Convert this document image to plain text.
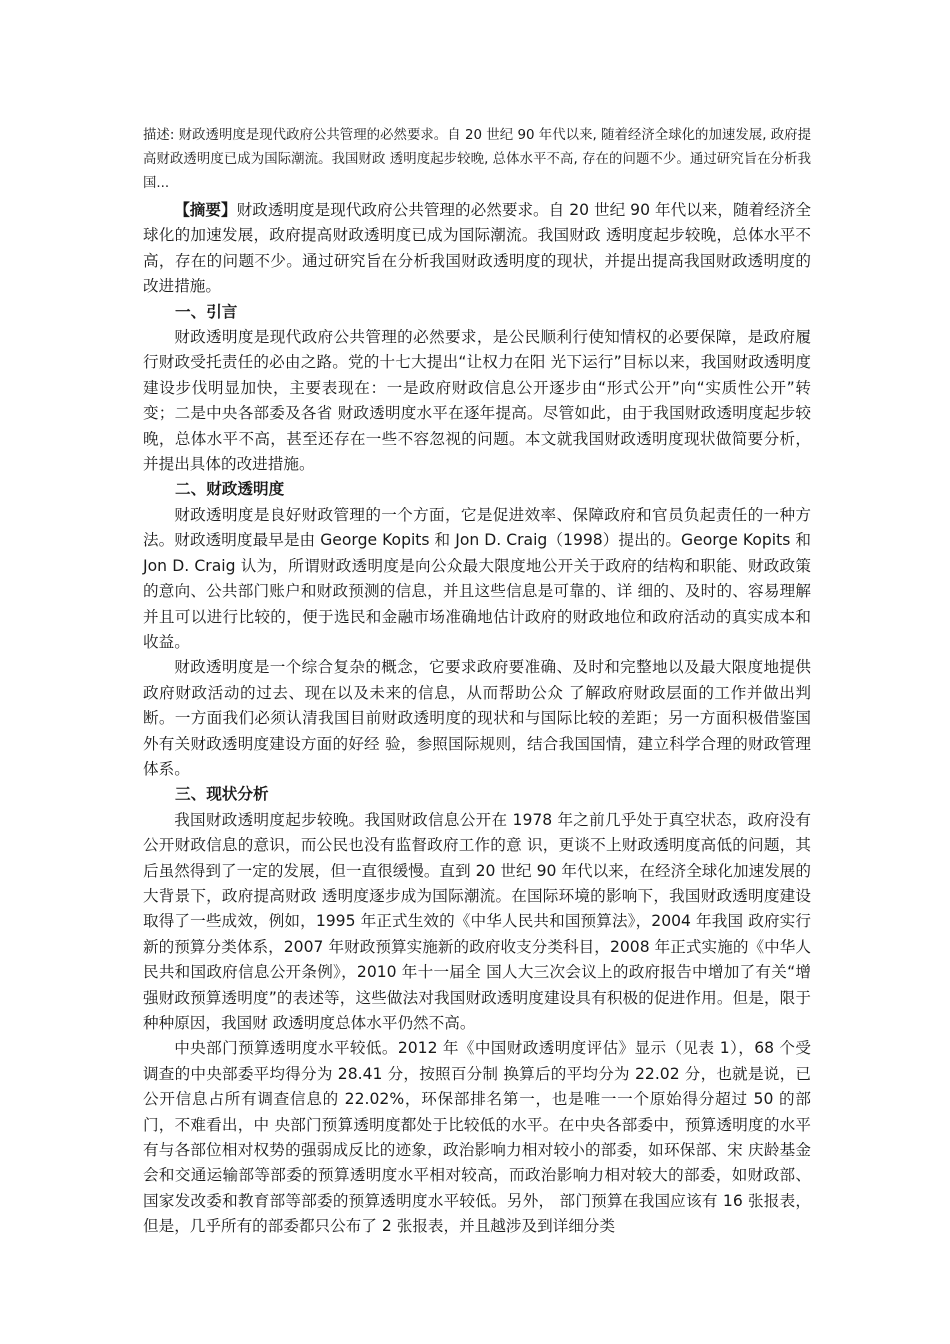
描述: 财政透明度是现代政府公共管理的必然要求。自 20 世纪 90 年代以来, 随着经济全球化的加速发展, 政府提高财政透明度已成为国际潮流。我国财政 透明度起步较晚, 总体水平不高, 存在的问题不少。通过研究旨在分析我国...

【摘要】财政透明度是现代政府公共管理的必然要求。自 20 世纪 90 年代以来，随着经济全球化的加速发展，政府提高财政透明度已成为国际潮流。我国财政 透明度起步较晚，总体水平不高，存在的问题不少。通过研究旨在分析我国财政透明度的现状，并提出提高我国财政透明度的改进措施。

一、引言

财政透明度是现代政府公共管理的必然要求，是公民顺利行使知情权的必要保障，是政府履行财政受托责任的必由之路。党的十七大提出“让权力在阳 光下运行”目标以来，我国财政透明度建设步伐明显加快，主要表现在：一是政府财政信息公开逐步由“形式公开”向“实质性公开”转变；二是中央各部委及各省 财政透明度水平在逐年提高。尽管如此，由于我国财政透明度起步较晚，总体水平不高，甚至还存在一些不容忽视的问题。本文就我国财政透明度现状做简要分析， 并提出具体的改进措施。

二、财政透明度

财政透明度是良好财政管理的一个方面，它是促进效率、保障政府和官员负起责任的一种方法。财政透明度最早是由 George Kopits 和 Jon D. Craig（1998）提出的。George Kopits 和 Jon D. Craig 认为，所谓财政透明度是向公众最大限度地公开关于政府的结构和职能、财政政策的意向、公共部门账户和财政预测的信息，并且这些信息是可靠的、详 细的、及时的、容易理解并且可以进行比较的，便于选民和金融市场准确地估计政府的财政地位和政府活动的真实成本和收益。

财政透明度是一个综合复杂的概念，它要求政府要准确、及时和完整地以及最大限度地提供政府财政活动的过去、现在以及未来的信息，从而帮助公众 了解政府财政层面的工作并做出判断。一方面我们必须认清我国目前财政透明度的现状和与国际比较的差距；另一方面积极借鉴国外有关财政透明度建设方面的好经 验，参照国际规则，结合我国国情，建立科学合理的财政管理体系。

三、现状分析

我国财政透明度起步较晚。我国财政信息公开在 1978 年之前几乎处于真空状态，政府没有公开财政信息的意识，而公民也没有监督政府工作的意 识，更谈不上财政透明度高低的问题，其后虽然得到了一定的发展，但一直很缓慢。直到 20 世纪 90 年代以来，在经济全球化加速发展的大背景下，政府提高财政 透明度逐步成为国际潮流。在国际环境的影响下，我国财政透明度建设取得了一些成效，例如，1995 年正式生效的《中华人民共和国预算法》，2004 年我国 政府实行新的预算分类体系，2007 年财政预算实施新的政府收支分类科目，2008 年正式实施的《中华人民共和国政府信息公开条例》，2010 年十一届全 国人大三次会议上的政府报告中增加了有关“增强财政预算透明度”的表述等，这些做法对我国财政透明度建设具有积极的促进作用。但是，限于种种原因，我国财 政透明度总体水平仍然不高。

中央部门预算透明度水平较低。2012 年《中国财政透明度评估》显示（见表 1），68 个受调查的中央部委平均得分为 28.41 分，按照百分制 换算后的平均分为 22.02 分，也就是说，已公开信息占所有调查信息的 22.02%，环保部排名第一，也是唯一一个原始得分超过 50 的部门，不难看出，中 央部门预算透明度都处于比较低的水平。在中央各部委中，预算透明度的水平有与各部位相对权势的强弱成反比的迹象，政治影响力相对较小的部委，如环保部、宋 庆龄基金会和交通运输部等部委的预算透明度水平相对较高，而政治影响力相对较大的部委，如财政部、国家发改委和教育部等部委的预算透明度水平较低。另外， 部门预算在我国应该有 16 张报表，但是，几乎所有的部委都只公布了 2 张报表，并且越涉及到详细分类
